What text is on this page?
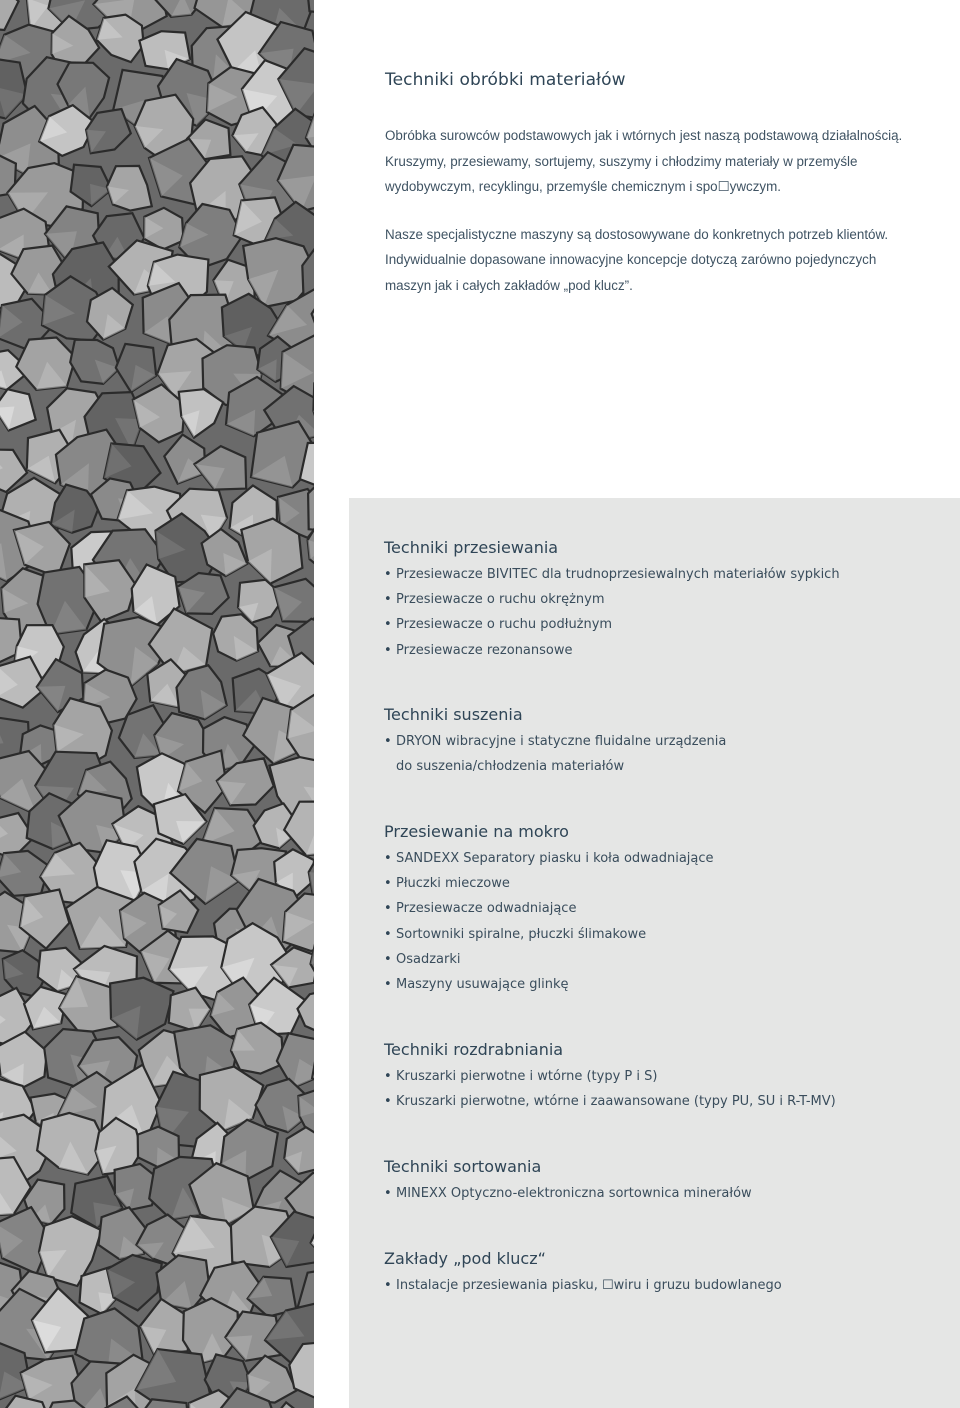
Techniki obróbki materiałów

Obróbka surowców podstawowych jak i wtórnych jest naszą podstawową działalnością. Kruszymy, przesiewamy, sortujemy, suszymy i chłodzimy materiały w przemyśle wydobywczym, recyklingu, przemyśle chemicznym i spo☐ywczym.

Nasze specjalistyczne maszyny są dostosowywane do konkretnych potrzeb klientów. Indywidualnie dopasowane innowacyjne koncepcje dotyczą zarówno pojedynczych maszyn jak i całych zakładów „pod klucz”.

Techniki przesiewania
• Przesiewacze BIVITEC dla trudnoprzesiewalnych materiałów sypkich
• Przesiewacze o ruchu okrężnym
• Przesiewacze o ruchu podłużnym
• Przesiewacze rezonansowe
Techniki suszenia
• DRYON wibracyjne i statyczne fluidalne urządzenia do suszenia/chłodzenia materiałów
Przesiewanie na mokro
• SANDEXX Separatory piasku i koła odwadniające
• Płuczki mieczowe
• Przesiewacze odwadniające
• Sortowniki spiralne, płuczki ślimakowe
• Osadzarki
• Maszyny usuwające glinkę
Techniki rozdrabniania
• Kruszarki pierwotne i wtórne (typy P i S)
• Kruszarki pierwotne, wtórne i zaawansowane (typy PU, SU i R-T-MV)
Techniki sortowania
• MINEXX Optyczno-elektroniczna sortownica minerałów
Zakłady „pod klucz“
• Instalacje przesiewania piasku, ☐wiru i gruzu budowlanego
